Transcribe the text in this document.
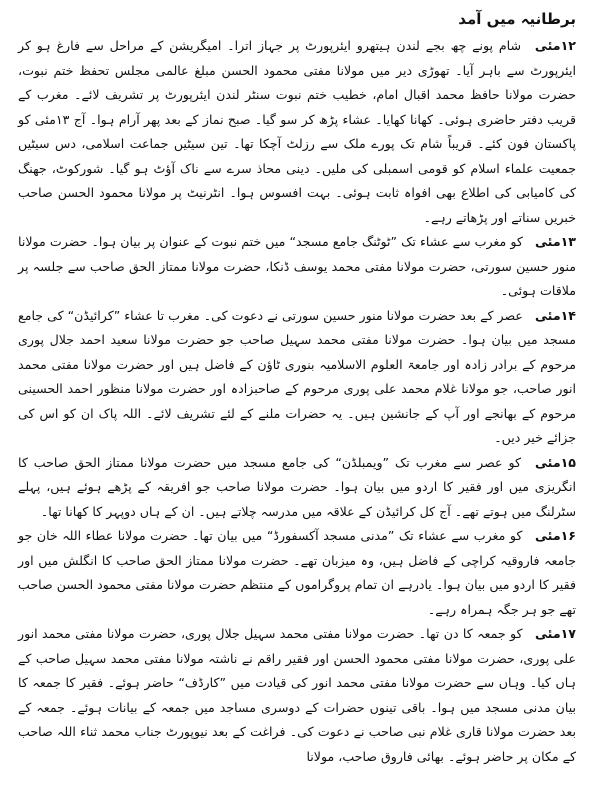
برطانیہ میں آمد

۱۲مئی شام پونے چھ بجے لندن ہیتھرو ایئرپورٹ پر جہاز اترا۔ امیگریشن کے مراحل سے فارغ ہو کر ایئرپورٹ سے باہر آیا۔ تھوڑی دیر میں مولانا مفتی محمود الحسن مبلغ عالمی مجلس تحفظ ختم نبوت، حضرت مولانا حافظ محمد اقبال امام، خطیب ختم نبوت سنٹر لندن ایئرپورٹ پر تشریف لائے۔ مغرب کے قریب دفتر حاضری ہوئی۔ کھانا کھایا۔ عشاء پڑھ کر سو گیا۔ صبح نماز کے بعد پھر آرام ہوا۔ آج ۱۳مئی کو پاکستان فون کئے۔ قریباً شام تک پورے ملک سے رزلٹ آچکا تھا۔ تین سیٹیں جماعت اسلامی، دس سیٹیں جمعیت علماء اسلام کو قومی اسمبلی کی ملیں۔ دینی محاذ سرے سے ناک آؤٹ ہو گیا۔ شورکوٹ، جھنگ کی کامیابی کی اطلاع بھی افواہ ثابت ہوئی۔ بہت افسوس ہوا۔ انٹرنیٹ پر مولانا محمود الحسن صاحب خبریں سناتے اور پڑھاتے رہے۔

۱۳مئی کو مغرب سے عشاء تک ”ٹوٹنگ جامع مسجد“ میں ختم نبوت کے عنوان پر بیان ہوا۔ حضرت مولانا منور حسین سورتی، حضرت مولانا مفتی محمد یوسف ڈنکا، حضرت مولانا ممتاز الحق صاحب سے جلسہ پر ملاقات ہوئی۔

۱۴مئی عصر کے بعد حضرت مولانا منور حسین سورتی نے دعوت کی۔ مغرب تا عشاء ”کرائیڈن“ کی جامع مسجد میں بیان ہوا۔ حضرت مولانا مفتی محمد سہیل صاحب جو حضرت مولانا سعید احمد جلال پوری مرحوم کے برادر زادہ اور جامعۃ العلوم الاسلامیہ بنوری ٹاؤن کے فاضل ہیں اور حضرت مولانا مفتی محمد انور صاحب، جو مولانا غلام محمد علی پوری مرحوم کے صاحبزادہ اور حضرت مولانا منظور احمد الحسینی مرحوم کے بھانجے اور آپ کے جانشین ہیں۔ یہ حضرات ملنے کے لئے تشریف لائے۔ اللہ پاک ان کو اس کی جزائے خیر دیں۔

۱۵مئی کو عصر سے مغرب تک ”ویمبلڈن“ کی جامع مسجد میں حضرت مولانا ممتاز الحق صاحب کا انگریزی میں اور فقیر کا اردو میں بیان ہوا۔ حضرت مولانا صاحب جو افریقہ کے پڑھے ہوئے ہیں، پہلے سٹرلنگ میں ہوتے تھے۔ آج کل کرائیڈن کے علاقہ میں مدرسہ چلاتے ہیں۔ ان کے ہاں دوپہر کا کھانا تھا۔

۱۶مئی کو مغرب سے عشاء تک ”مدنی مسجد آکسفورڈ“ میں بیان تھا۔ حضرت مولانا عطاء اللہ خان جو جامعہ فاروقیہ کراچی کے فاضل ہیں، وہ میزبان تھے۔ حضرت مولانا ممتاز الحق صاحب کا انگلش میں اور فقیر کا اردو میں بیان ہوا۔ یادرہے ان تمام پروگراموں کے منتظم حضرت مولانا مفتی محمود الحسن صاحب تھے جو ہر جگہ ہمراہ رہے۔

۱۷مئی کو جمعہ کا دن تھا۔ حضرت مولانا مفتی محمد سہیل جلال پوری، حضرت مولانا مفتی محمد انور علی پوری، حضرت مولانا مفتی محمود الحسن اور فقیر راقم نے ناشتہ مولانا مفتی محمد سہیل صاحب کے ہاں کیا۔ وہاں سے حضرت مولانا مفتی محمد انور کی قیادت میں ”کارڈف“ حاضر ہوئے۔ فقیر کا جمعہ کا بیان مدنی مسجد میں ہوا۔ باقی تینوں حضرات کے دوسری مساجد میں جمعہ کے بیانات ہوئے۔ جمعہ کے بعد حضرت مولانا قاری غلام نبی صاحب نے دعوت کی۔ فراغت کے بعد نیوپورٹ جناب محمد ثناء اللہ صاحب کے مکان پر حاضر ہوئے۔ بھائی فاروق صاحب، مولانا
